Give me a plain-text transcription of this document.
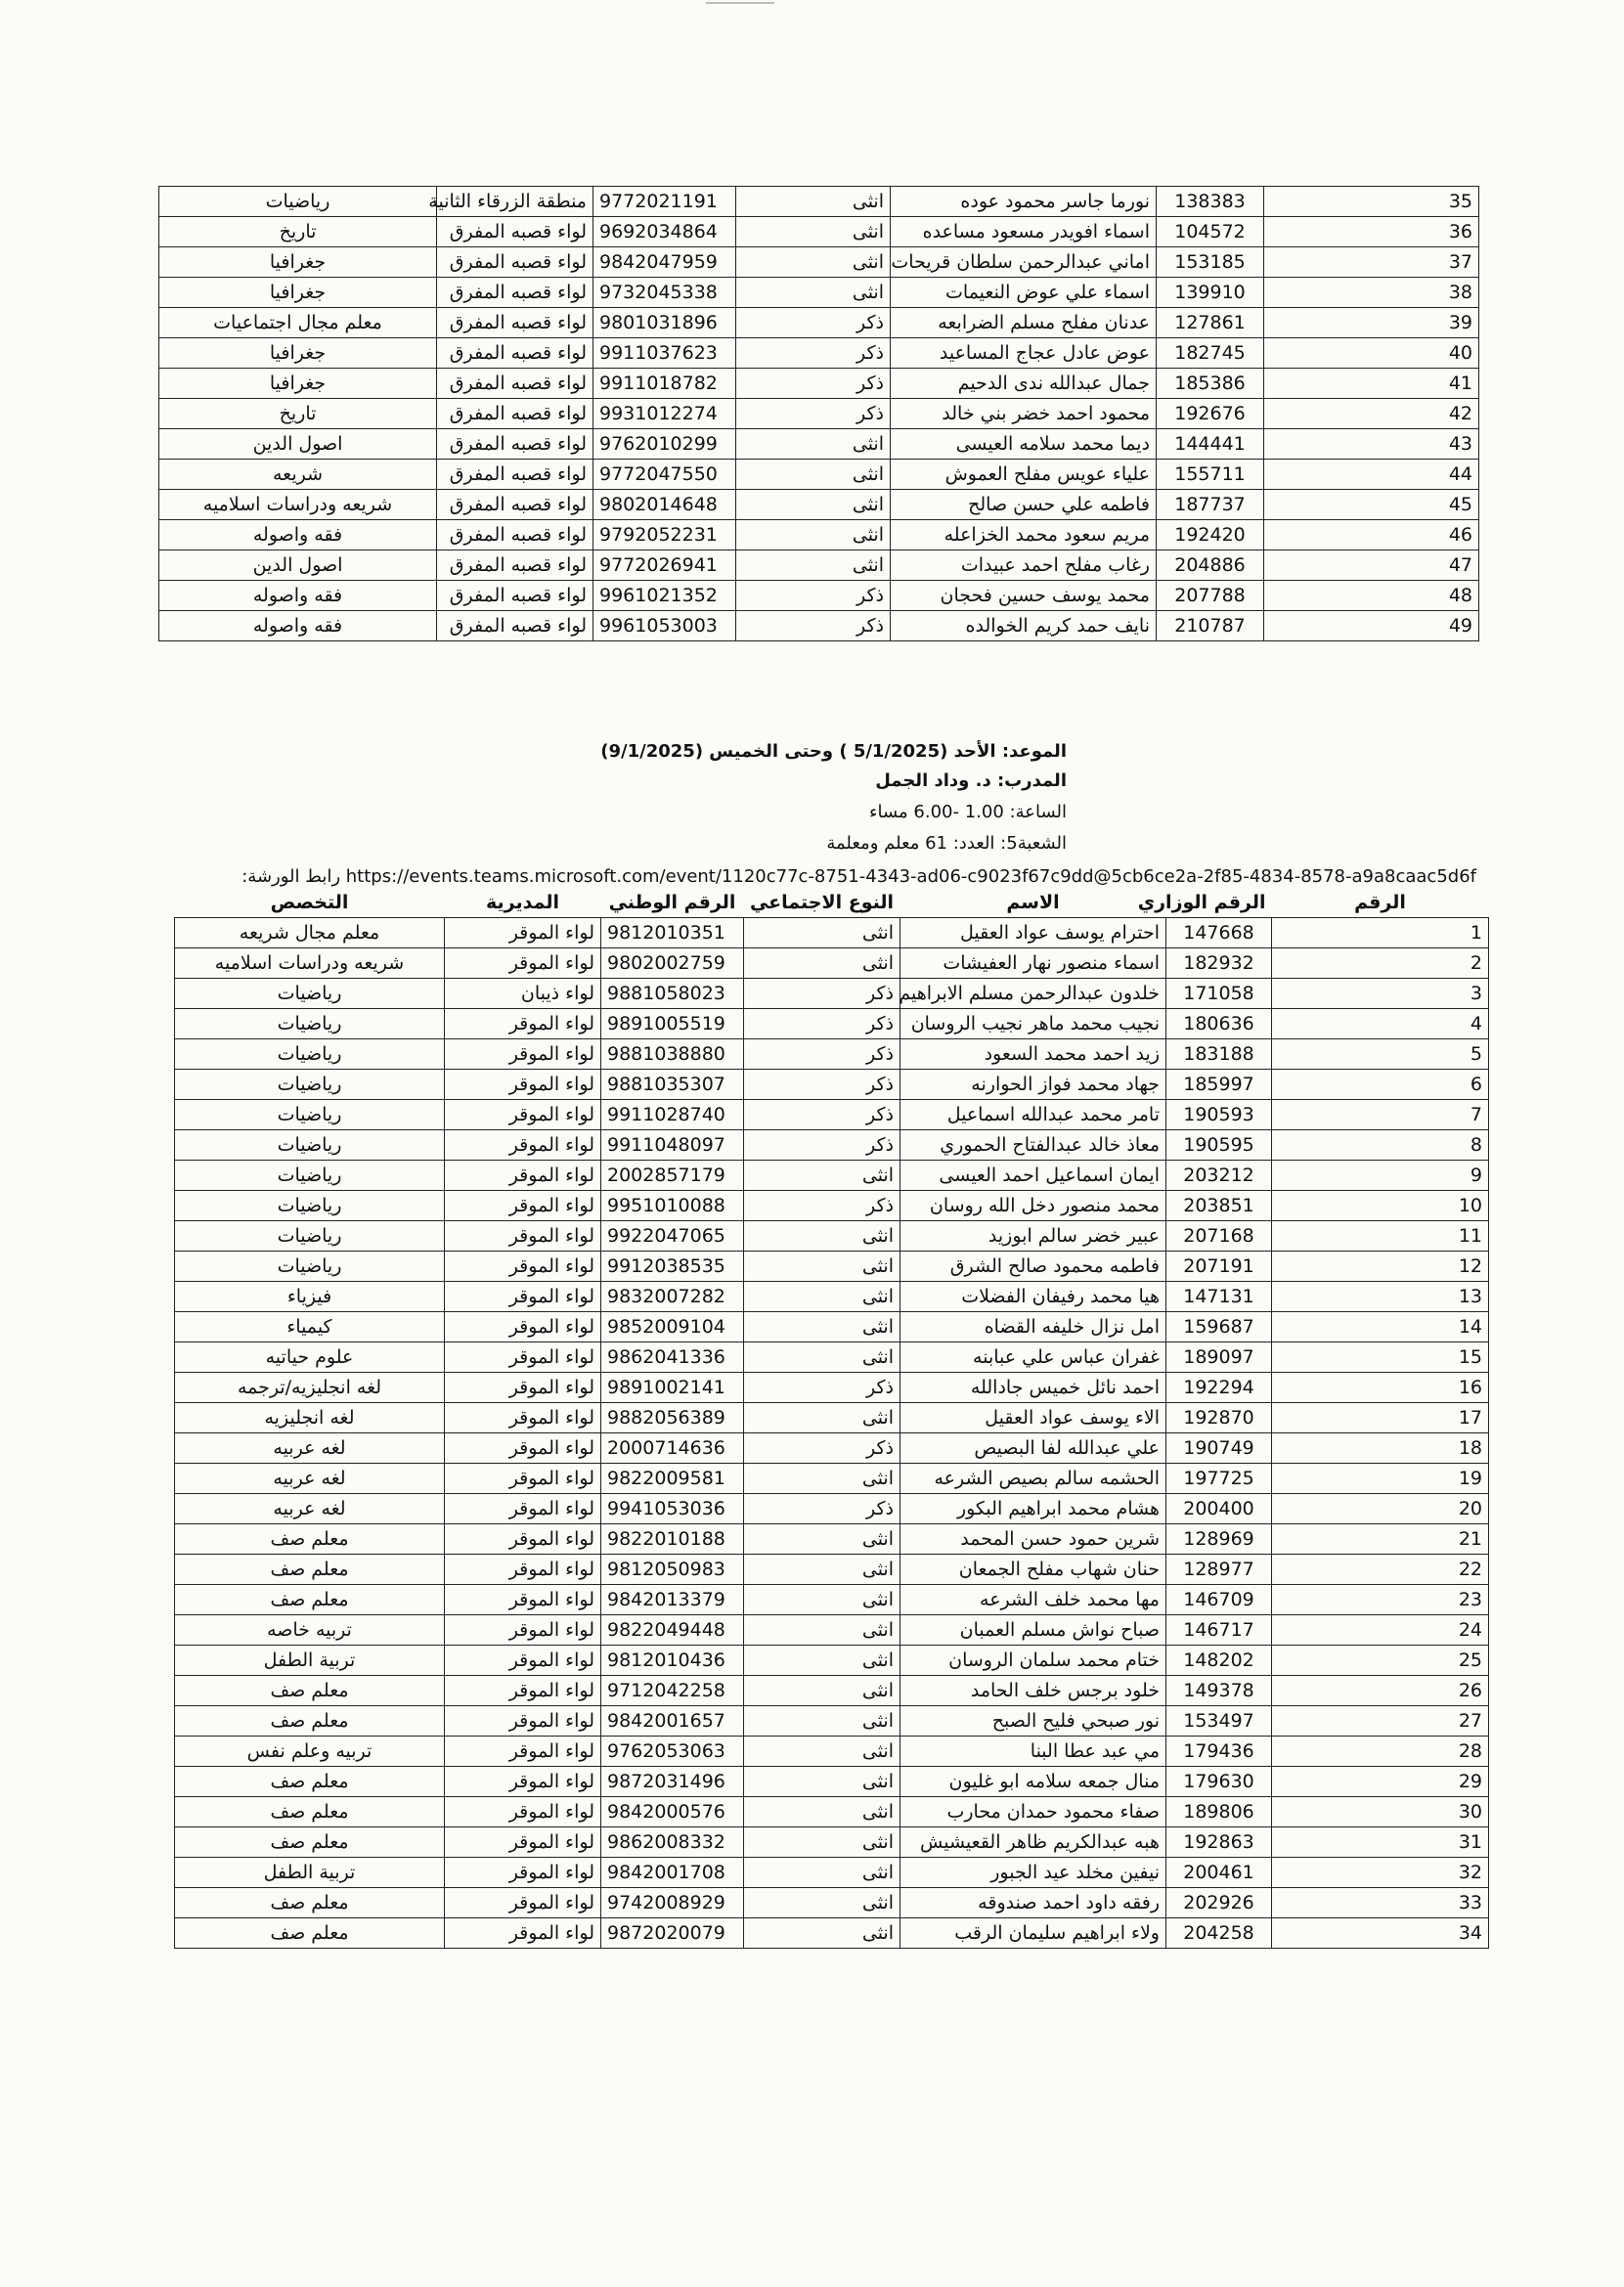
رياضيات	منطقة الزرقاء الثانية	9772021191	انثى	نورما جاسر محمود عوده	138383	35
تاريخ	لواء قصبه المفرق	9692034864	انثى	اسماء افويدر مسعود مساعده	104572	36
جغرافيا	لواء قصبه المفرق	9842047959	انثى	اماني عبدالرحمن سلطان قريحات	153185	37
جغرافيا	لواء قصبه المفرق	9732045338	انثى	اسماء علي عوض النعيمات	139910	38
معلم مجال اجتماعيات	لواء قصبه المفرق	9801031896	ذكر	عدنان مفلح مسلم الضرابعه	127861	39
جغرافيا	لواء قصبه المفرق	9911037623	ذكر	عوض عادل عجاج المساعيد	182745	40
جغرافيا	لواء قصبه المفرق	9911018782	ذكر	جمال عبدالله ندى الدحيم	185386	41
تاريخ	لواء قصبه المفرق	9931012274	ذكر	محمود احمد خضر بني خالد	192676	42
اصول الدين	لواء قصبه المفرق	9762010299	انثى	ديما محمد سلامه العيسى	144441	43
شريعه	لواء قصبه المفرق	9772047550	انثى	علياء عويس مفلح العموش	155711	44
شريعه ودراسات اسلاميه	لواء قصبه المفرق	9802014648	انثى	فاطمه علي حسن صالح	187737	45
فقه واصوله	لواء قصبه المفرق	9792052231	انثى	مريم سعود محمد الخزاعله	192420	46
اصول الدين	لواء قصبه المفرق	9772026941	انثى	رغاب مفلح احمد عبيدات	204886	47
فقه واصوله	لواء قصبه المفرق	9961021352	ذكر	محمد يوسف حسين فحجان	207788	48
فقه واصوله	لواء قصبه المفرق	9961053003	ذكر	نايف حمد كريم الخوالده	210787	49
الموعد: الأحد (5/1/2025 ) وحتى الخميس (9/1/2025)
المدرب: د. وداد الجمل
الساعة: 1.00 -6.00 مساء
الشعبة5: العدد: 61 معلم ومعلمة
رابط الورشة: https://events.teams.microsoft.com/event/1120c77c-8751-4343-ad06-c9023f67c9dd@5cb6ce2a-2f85-4834-8578-a9a8caac5d6f
التخصص	المديرية	الرقم الوطني	النوع الاجتماعي	الاسم	الرقم الوزاري	الرقم
معلم مجال شريعه	لواء الموقر	9812010351	انثى	احترام يوسف عواد العقيل	147668	1
شريعه ودراسات اسلاميه	لواء الموقر	9802002759	انثى	اسماء منصور نهار العفيشات	182932	2
رياضيات	لواء ذيبان	9881058023	ذكر	خلدون عبدالرحمن مسلم الابراهيم	171058	3
رياضيات	لواء الموقر	9891005519	ذكر	نجيب محمد ماهر نجيب الروسان	180636	4
رياضيات	لواء الموقر	9881038880	ذكر	زيد احمد محمد السعود	183188	5
رياضيات	لواء الموقر	9881035307	ذكر	جهاد محمد فواز الحوارنه	185997	6
رياضيات	لواء الموقر	9911028740	ذكر	تامر محمد عبدالله اسماعيل	190593	7
رياضيات	لواء الموقر	9911048097	ذكر	معاذ خالد عبدالفتاح الحموري	190595	8
رياضيات	لواء الموقر	2002857179	انثى	ايمان اسماعيل احمد العيسى	203212	9
رياضيات	لواء الموقر	9951010088	ذكر	محمد منصور دخل الله روسان	203851	10
رياضيات	لواء الموقر	9922047065	انثى	عبير خضر سالم ابوزيد	207168	11
رياضيات	لواء الموقر	9912038535	انثى	فاطمه محمود صالح الشرق	207191	12
فيزياء	لواء الموقر	9832007282	انثى	هيا محمد رفيفان الفضلات	147131	13
كيمياء	لواء الموقر	9852009104	انثى	امل نزال خليفه القضاه	159687	14
علوم حياتيه	لواء الموقر	9862041336	انثى	غفران عباس علي عبابنه	189097	15
لغه انجليزيه/ترجمه	لواء الموقر	9891002141	ذكر	احمد نائل خميس جادالله	192294	16
لغه انجليزيه	لواء الموقر	9882056389	انثى	الاء يوسف عواد العقيل	192870	17
لغه عربيه	لواء الموقر	2000714636	ذكر	علي عبدالله لفا البصيص	190749	18
لغه عربيه	لواء الموقر	9822009581	انثى	الحشمه سالم بصيص الشرعه	197725	19
لغه عربيه	لواء الموقر	9941053036	ذكر	هشام محمد ابراهيم البكور	200400	20
معلم صف	لواء الموقر	9822010188	انثى	شرين حمود حسن المحمد	128969	21
معلم صف	لواء الموقر	9812050983	انثى	حنان شهاب مفلح الجمعان	128977	22
معلم صف	لواء الموقر	9842013379	انثى	مها محمد خلف الشرعه	146709	23
تربيه خاصه	لواء الموقر	9822049448	انثى	صباح نواش مسلم العمبان	146717	24
تربية الطفل	لواء الموقر	9812010436	انثى	ختام محمد سلمان الروسان	148202	25
معلم صف	لواء الموقر	9712042258	انثى	خلود برجس خلف الحامد	149378	26
معلم صف	لواء الموقر	9842001657	انثى	نور صبحي فليح الصبح	153497	27
تربيه وعلم نفس	لواء الموقر	9762053063	انثى	مي عبد عطا البنا	179436	28
معلم صف	لواء الموقر	9872031496	انثى	منال جمعه سلامه ابو غليون	179630	29
معلم صف	لواء الموقر	9842000576	انثى	صفاء محمود حمدان محارب	189806	30
معلم صف	لواء الموقر	9862008332	انثى	هبه عبدالكريم ظاهر القعيشيش	192863	31
تربية الطفل	لواء الموقر	9842001708	انثى	نيفين مخلد عيد الجبور	200461	32
معلم صف	لواء الموقر	9742008929	انثى	رفقه داود احمد صندوقه	202926	33
معلم صف	لواء الموقر	9872020079	انثى	ولاء ابراهيم سليمان الرقب	204258	34
